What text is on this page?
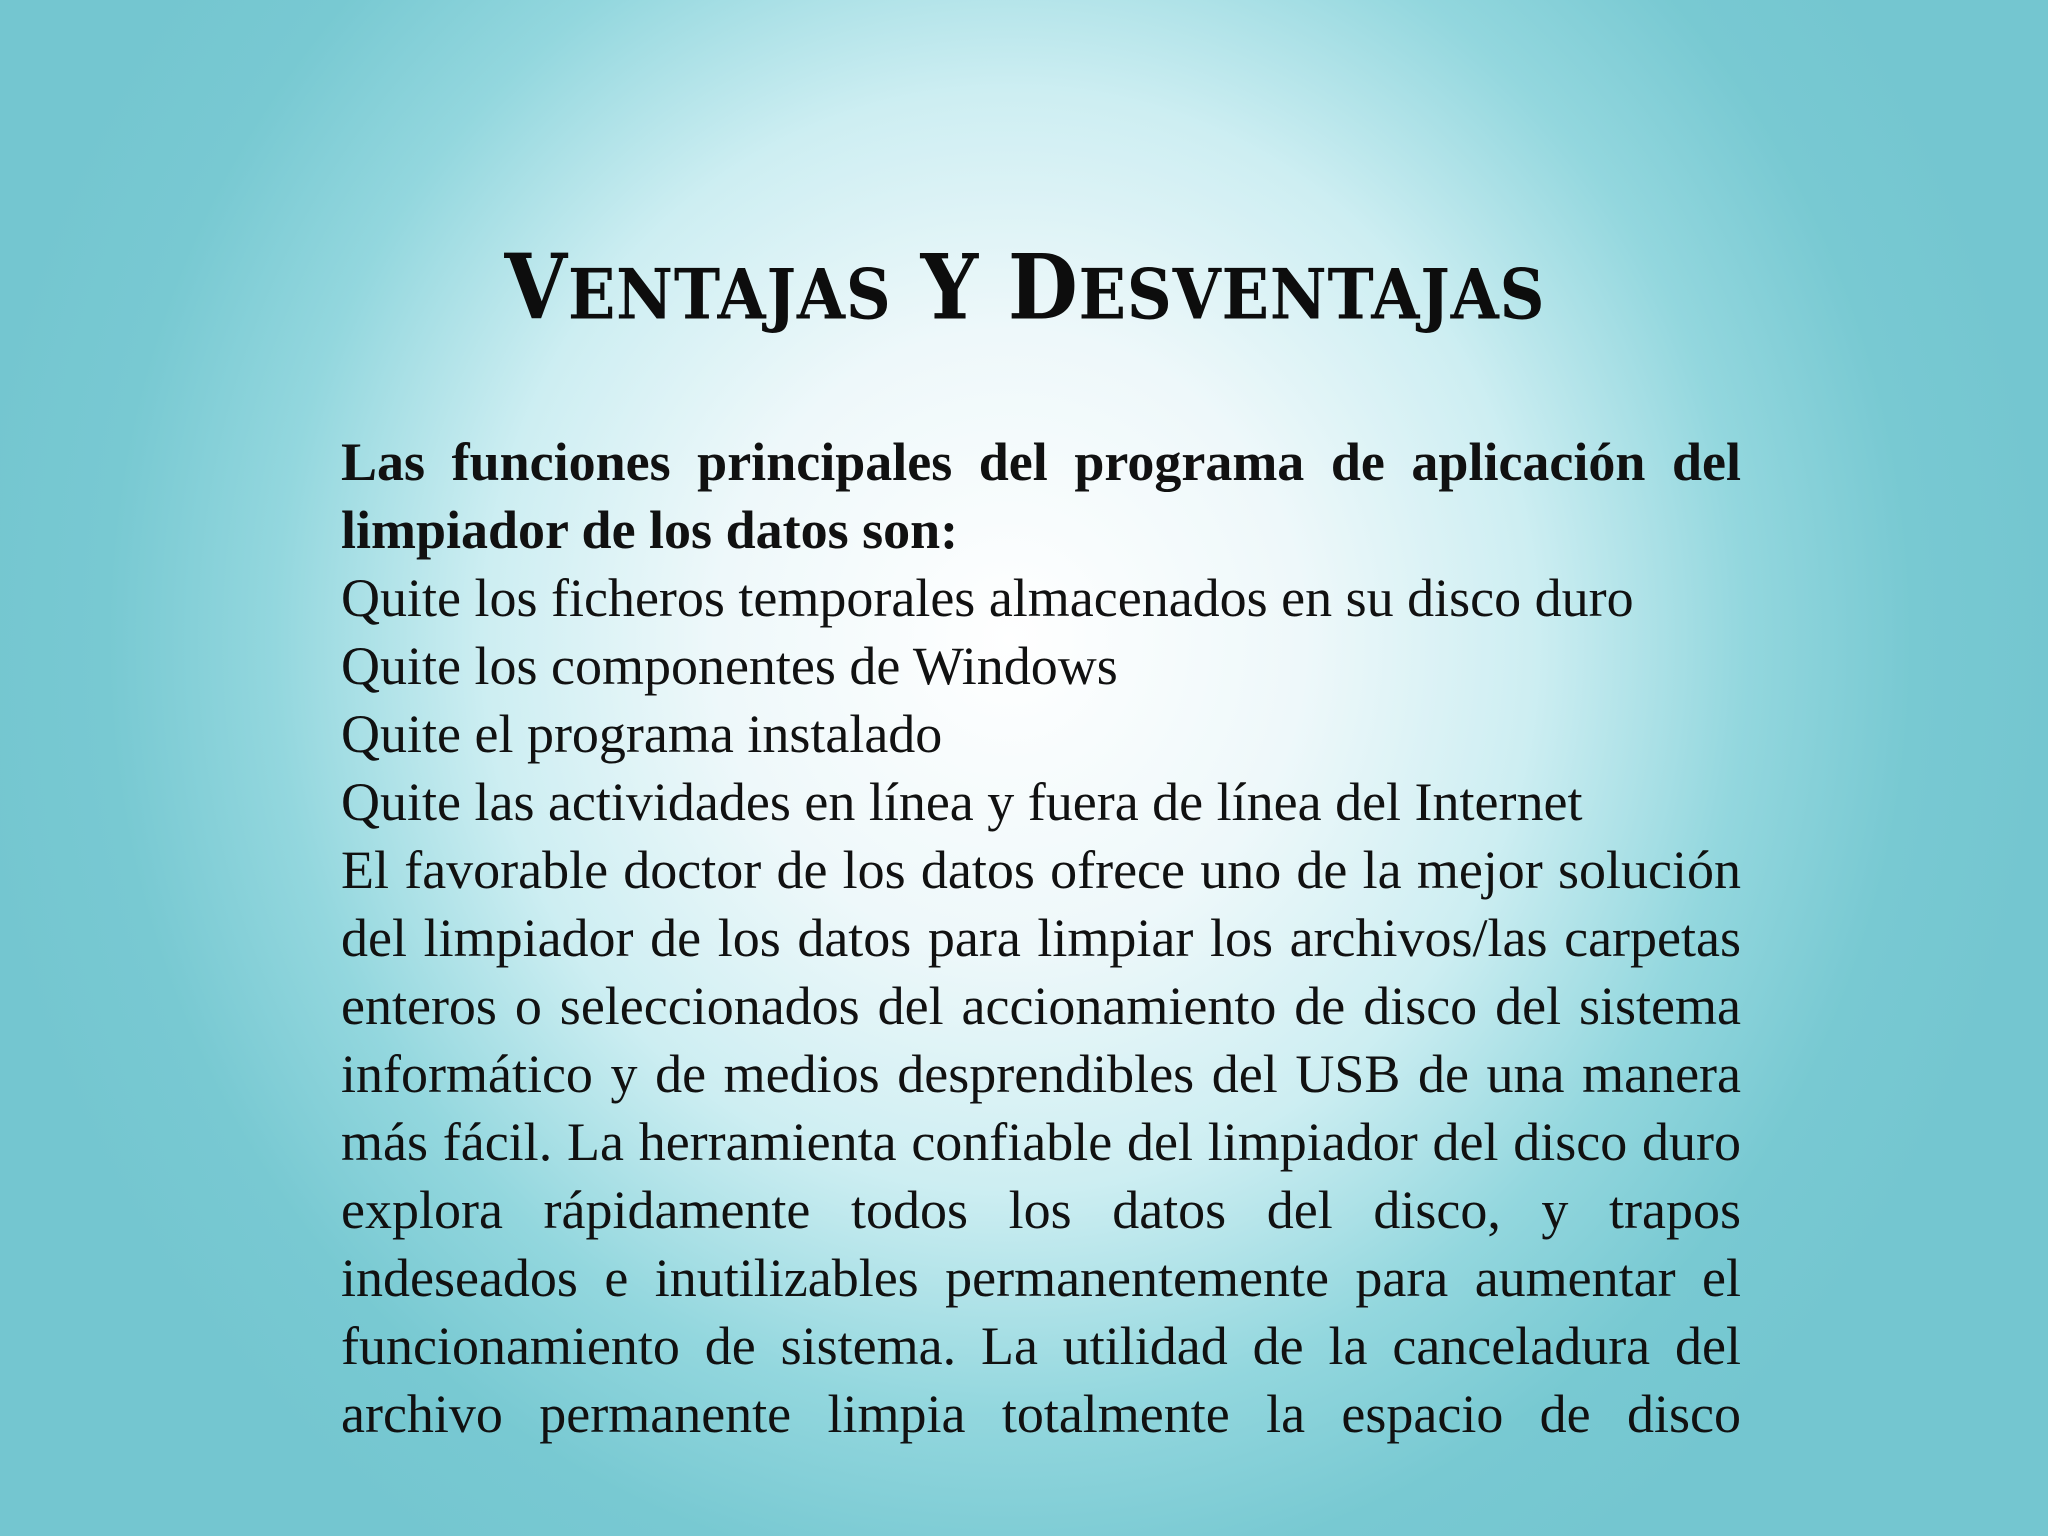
VENTAJAS Y DESVENTAJAS

Las funciones principales del programa de aplicación del limpiador de los datos son:

Quite los ficheros temporales almacenados en su disco duro

Quite los componentes de Windows

Quite el programa instalado

Quite las actividades en línea y fuera de línea del Internet

El favorable doctor de los datos ofrece uno de la mejor solución del limpiador de los datos para limpiar los archivos/las carpetas enteros o seleccionados del accionamiento de disco del sistema informático y de medios desprendibles del USB de una manera más fácil. La herramienta confiable del limpiador del disco duro explora rápidamente todos los datos del disco, y trapos indeseados e inutilizables permanentemente para aumentar el funcionamiento de sistema. La utilidad de la canceladura del archivo permanente limpia totalmente la espacio de disco
